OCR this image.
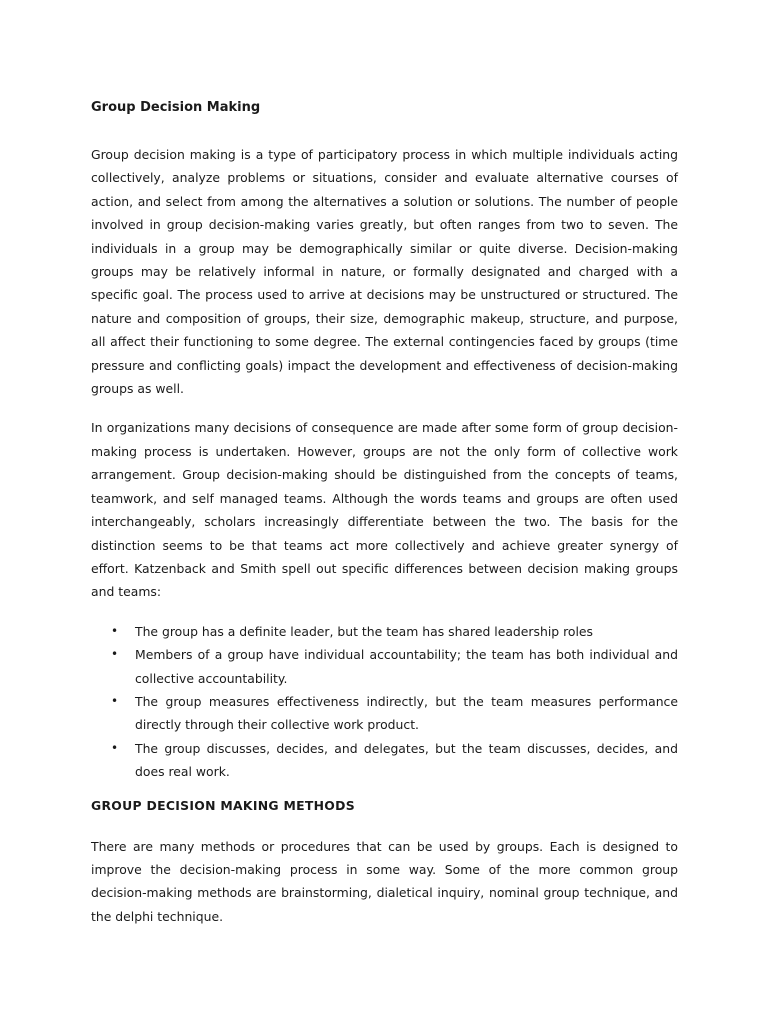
Group Decision Making

Group decision making is a type of participatory process in which multiple individuals acting collectively, analyze problems or situations, consider and evaluate alternative courses of action, and select from among the alternatives a solution or solutions. The number of people involved in group decision-making varies greatly, but often ranges from two to seven. The individuals in a group may be demographically similar or quite diverse. Decision-making groups may be relatively informal in nature, or formally designated and charged with a specific goal. The process used to arrive at decisions may be unstructured or structured. The nature and composition of groups, their size, demographic makeup, structure, and purpose, all affect their functioning to some degree. The external contingencies faced by groups (time pressure and conflicting goals) impact the development and effectiveness of decision-making groups as well.

In organizations many decisions of consequence are made after some form of group decision-making process is undertaken. However, groups are not the only form of collective work arrangement. Group decision-making should be distinguished from the concepts of teams, teamwork, and self managed teams. Although the words teams and groups are often used interchangeably, scholars increasingly differentiate between the two. The basis for the distinction seems to be that teams act more collectively and achieve greater synergy of effort. Katzenback and Smith spell out specific differences between decision making groups and teams:

• The group has a definite leader, but the team has shared leadership roles
• Members of a group have individual accountability; the team has both individual and collective accountability.
• The group measures effectiveness indirectly, but the team measures performance directly through their collective work product.
• The group discusses, decides, and delegates, but the team discusses, decides, and does real work.
GROUP DECISION MAKING METHODS

There are many methods or procedures that can be used by groups. Each is designed to improve the decision-making process in some way. Some of the more common group decision-making methods are brainstorming, dialetical inquiry, nominal group technique, and the delphi technique.
